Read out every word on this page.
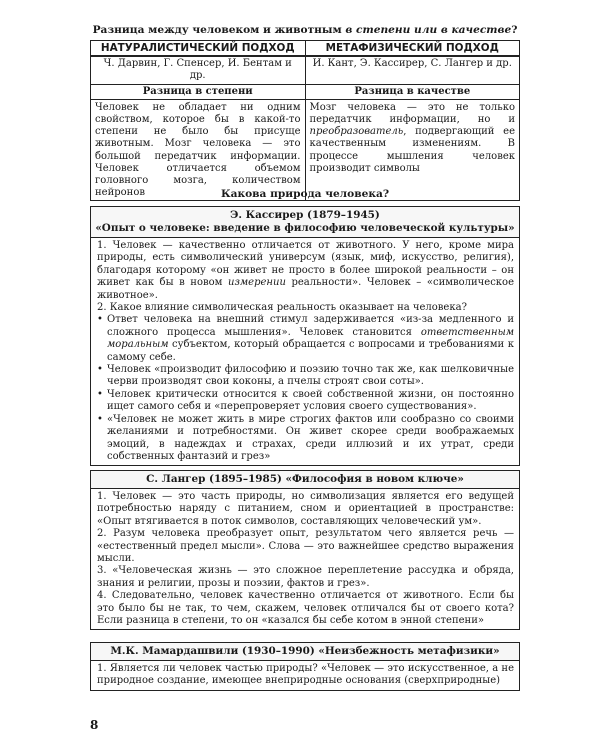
Разница между человеком и животным в степени или в качестве?
НАТУРАЛИСТИЧЕСКИЙ ПОДХОД	МЕТАФИЗИЧЕСКИЙ ПОДХОД
Ч. Дарвин, Г. Спенсер, И. Бентам и др.	И. Кант, Э. Кассирер, С. Лангер и др.
Разница в степени	Разница в качестве
Человек не обладает ни одним свойством, которое бы в какой-то степени не было бы присуще животным. Мозг человека — это большой передатчик информации. Человек отличается объемом головного мозга, количеством нейронов	Мозг человека — это не только передатчик информации, но и преобразователь, подвергающий ее качественным изменениям. В процессе мышления человек производит символы
Какова природа человека?
Э. Кассирер (1879–1945)
«Опыт о человеке: введение в философию человеческой культуры»

1. Человек — качественно отличается от животного. У него, кроме мира природы, есть символический универсум (язык, миф, искусство, религия), благодаря которому «он живет не просто в более широкой реальности – он живет как бы в новом измерении реальности». Человек – «символическое животное».

2. Какое влияние символическая реальность оказывает на человека?

• Ответ человека на внешний стимул задерживается «из-за медленного и сложного процесса мышления». Человек становится ответственным моральным субъектом, который обращается с вопросами и требованиями к самому себе.
• Человек «производит философию и поэзию точно так же, как шелковичные черви производят свои коконы, а пчелы строят свои соты».
• Человек критически относится к своей собственной жизни, он постоянно ищет самого себя и «перепроверяет условия своего существования».
• «Человек не может жить в мире строгих фактов или сообразно со своими желаниями и потребностями. Он живет скорее среди воображаемых эмоций, в надеждах и страхах, среди иллюзий и их утрат, среди собственных фантазий и грез»
С. Лангер (1895–1985) «Философия в новом ключе»

1. Человек — это часть природы, но символизация является его ведущей потребностью наряду с питанием, сном и ориентацией в пространстве: «Опыт втягивается в поток символов, составляющих человеческий ум».

2. Разум человека преобразует опыт, результатом чего является речь — «естественный предел мысли». Слова — это важнейшее средство выражения мысли.

3. «Человеческая жизнь — это сложное переплетение рассудка и обряда, знания и религии, прозы и поэзии, фактов и грез».

4. Следовательно, человек качественно отличается от животного. Если бы это было бы не так, то чем, скажем, человек отличался бы от своего кота? Если разница в степени, то он «казался бы себе котом в энной степени»

М.К. Мамардашвили (1930–1990) «Неизбежность метафизики»

1. Является ли человек частью природы? «Человек — это искусственное, а не природное создание, имеющее внеприродные основания (сверхприродные)

8
